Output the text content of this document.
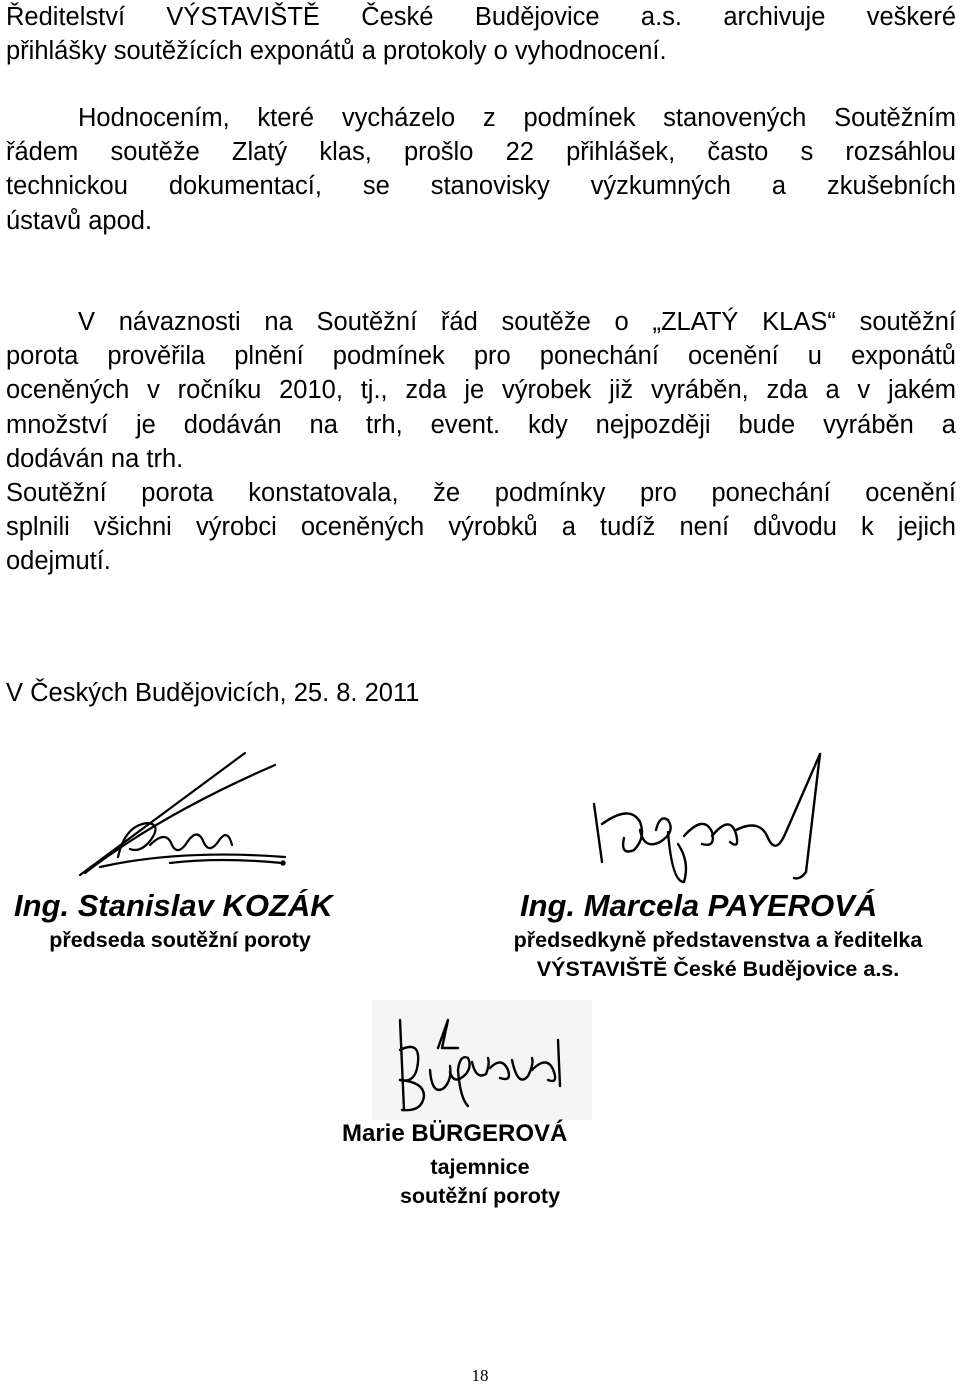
Ředitelství VÝSTAVIŠTĚ České Budějovice a.s. archivuje veškeré
přihlášky soutěžících exponátů a protokoly o vyhodnocení.
Hodnocením, které vycházelo z podmínek stanovených Soutěžním
řádem soutěže Zlatý klas, prošlo 22 přihlášek, často s rozsáhlou
technickou dokumentací, se stanovisky výzkumných a zkušebních
ústavů apod.
V návaznosti na Soutěžní řád soutěže o „ZLATÝ KLAS“ soutěžní
porota prověřila plnění podmínek pro ponechání ocenění u exponátů
oceněných v ročníku 2010, tj., zda je výrobek již vyráběn, zda a v jakém
množství je dodáván na trh, event. kdy nejpozději bude vyráběn a
dodáván na trh.
Soutěžní porota konstatovala, že podmínky pro ponechání ocenění
splnili všichni výrobci oceněných výrobků a tudíž není důvodu k jejich
odejmutí.
V Českých Budějovicích, 25. 8. 2011
Ing. Stanislav KOZÁK
předseda soutěžní poroty
Ing. Marcela PAYEROVÁ
předsedkyně představenstva a ředitelka
VÝSTAVIŠTĚ České Budějovice a.s.
Marie BÜRGEROVÁ
tajemnice
soutěžní poroty
18
